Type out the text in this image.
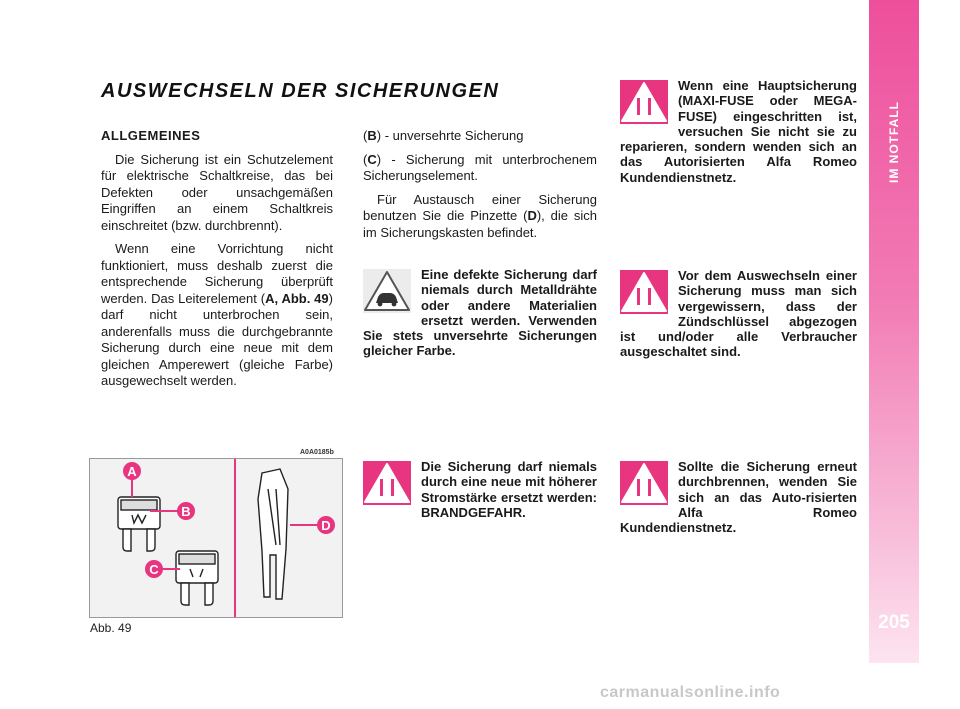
IM NOTFALL
205
AUSWECHSELN DER SICHERUNGEN
ALLGEMEINES

Die Sicherung ist ein Schutzelement für elektrische Schaltkreise, das bei Defekten oder unsachgemäßen Eingriffen an einem Schaltkreis einschreitet (bzw. durchbrennt).

Wenn eine Vorrichtung nicht funktioniert, muss deshalb zuerst die entsprechende Sicherung überprüft werden. Das Leiterelement (A, Abb. 49) darf nicht unterbrochen sein, anderenfalls muss die durchgebrannte Sicherung durch eine neue mit dem gleichen Amperewert (gleiche Farbe) ausgewechselt werden.

(B) - unversehrte Sicherung

(C) - Sicherung mit unterbrochenem Sicherungselement.

Für Austausch einer Sicherung benutzen Sie die Pinzette (D), die sich im Sicherungskasten befindet.

Eine defekte Sicherung darf niemals durch Metalldrähte oder andere Materialien ersetzt werden. Verwenden Sie stets unversehrte Sicherungen gleicher Farbe.
Die Sicherung darf niemals durch eine neue mit höherer Stromstärke ersetzt werden: BRANDGEFAHR.
Wenn eine Hauptsicherung (MAXI-FUSE oder MEGA-FUSE) eingeschritten ist, versuchen Sie nicht sie zu reparieren, sondern wenden sich an das Autorisierten Alfa Romeo Kundendienstnetz.
Vor dem Auswechseln einer Sicherung muss man sich vergewissern, dass der Zündschlüssel abgezogen ist und/oder alle Verbraucher ausgeschaltet sind.
Sollte die Sicherung erneut durchbrennen, wenden Sie sich an das Auto-risierten Alfa Romeo Kundendienstnetz.
A0A0185b
A
B
C
D
Abb. 49
carmanualsonline.info
